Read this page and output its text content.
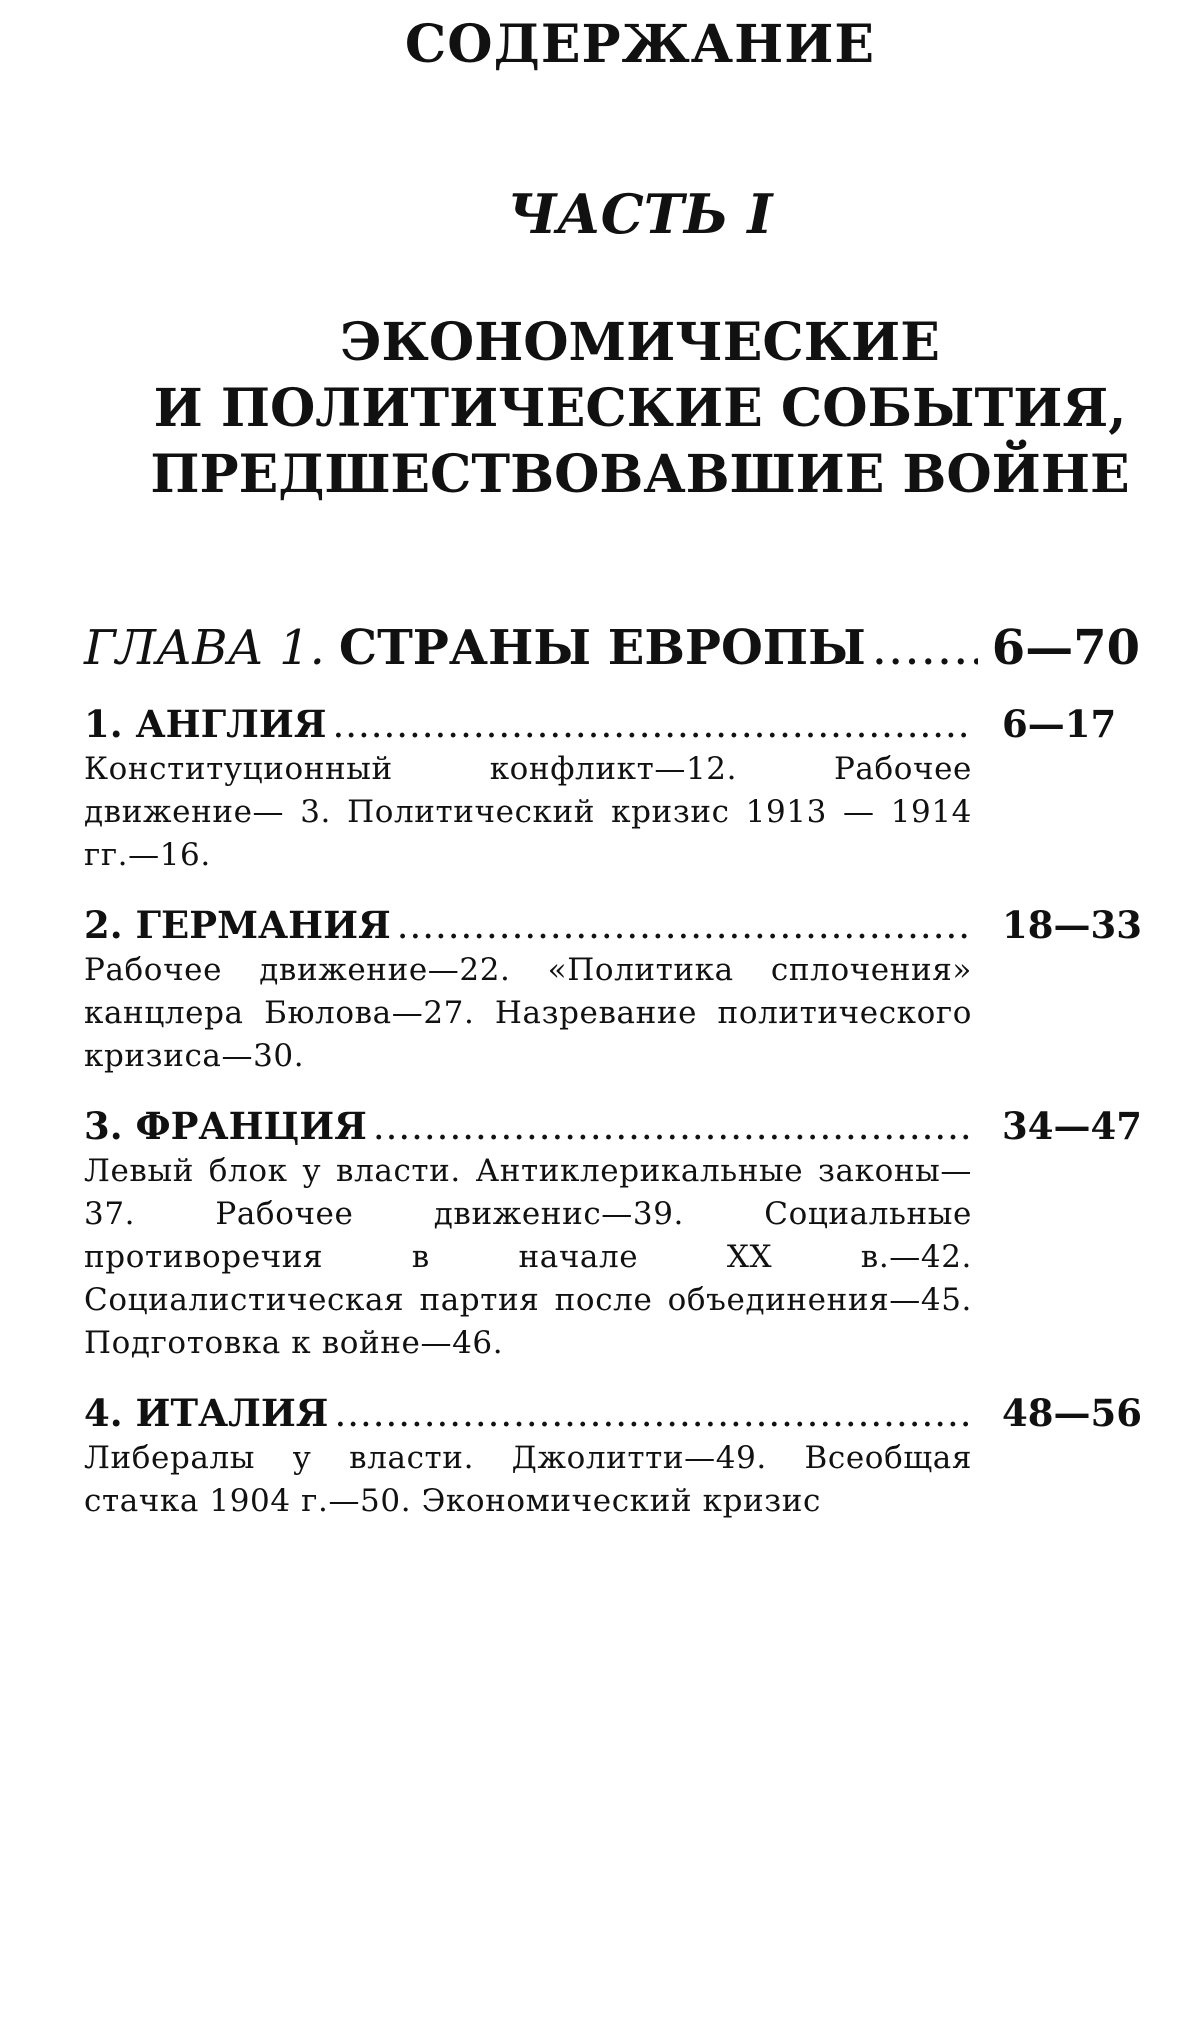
СОДЕРЖАНИЕ
ЧАСТЬ I
ЭКОНОМИЧЕСКИЕ
И ПОЛИТИЧЕСКИЕ СОБЫТИЯ,
ПРЕДШЕСТВОВАВШИЕ ВОЙНЕ
ГЛАВА 1. СТРАНЫ ЕВРОПЫ .....	6—70
1. АНГЛИЯ .....	6—17
Конституционный конфликт—12. Рабочее движение— 3. Политический кризис 1913 — 1914 гг.—16.
2. ГЕРМАНИЯ .....	18—33
Рабочее движение—22. «Политика сплочения» канцлера Бюлова—27. Назревание политического кризиса—30.
3. ФРАНЦИЯ .....	34—47
Левый блок у власти. Антиклерикальные законы—37. Рабочее движенис—39. Социальные противоречия в начале XX в.—42. Социалистическая партия после объединения—45. Подготовка к войне—46.
4. ИТАЛИЯ .....	48—56
Либералы у власти. Джолитти—49. Всеобщая стачка 1904 г.—50. Экономический кризис
